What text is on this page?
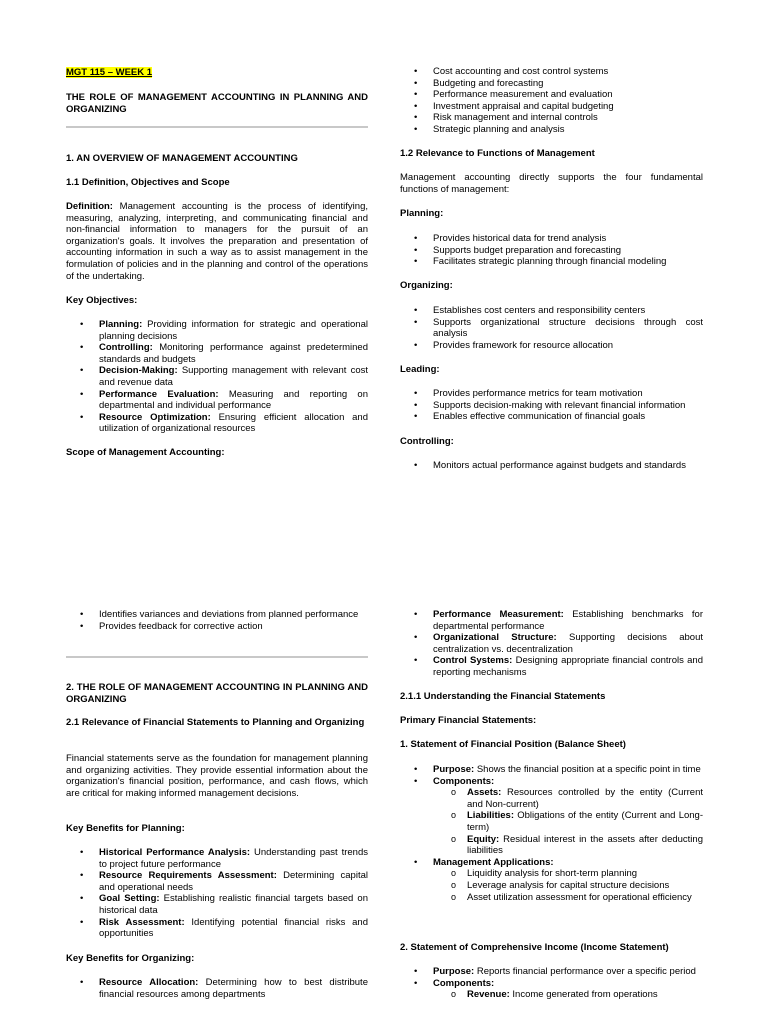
MGT 115 – WEEK 1
THE ROLE OF MANAGEMENT ACCOUNTING IN PLANNING AND ORGANIZING
1. AN OVERVIEW OF MANAGEMENT ACCOUNTING
1.1 Definition, Objectives and Scope
Definition: Management accounting is the process of identifying, measuring, analyzing, interpreting, and communicating financial and non-financial information to managers for the pursuit of an organization's goals. It involves the preparation and presentation of accounting information in such a way as to assist management in the formulation of policies and in the planning and control of the operations of the undertaking.
Key Objectives:
• Planning: Providing information for strategic and operational planning decisions
• Controlling: Monitoring performance against predetermined standards and budgets
• Decision-Making: Supporting management with relevant cost and revenue data
• Performance Evaluation: Measuring and reporting on departmental and individual performance
• Resource Optimization: Ensuring efficient allocation and utilization of organizational resources
Scope of Management Accounting:
• Cost accounting and cost control systems
• Budgeting and forecasting
• Performance measurement and evaluation
• Investment appraisal and capital budgeting
• Risk management and internal controls
• Strategic planning and analysis
1.2 Relevance to Functions of Management
Management accounting directly supports the four fundamental functions of management:
Planning:
• Provides historical data for trend analysis
• Supports budget preparation and forecasting
• Facilitates strategic planning through financial modeling
Organizing:
• Establishes cost centers and responsibility centers
• Supports organizational structure decisions through cost analysis
• Provides framework for resource allocation
Leading:
• Provides performance metrics for team motivation
• Supports decision-making with relevant financial information
• Enables effective communication of financial goals
Controlling:
• Monitors actual performance against budgets and standards
• Identifies variances and deviations from planned performance
• Provides feedback for corrective action
2. THE ROLE OF MANAGEMENT ACCOUNTING IN PLANNING AND ORGANIZING
2.1 Relevance of Financial Statements to Planning and Organizing
Financial statements serve as the foundation for management planning and organizing activities. They provide essential information about the organization's financial position, performance, and cash flows, which are critical for making informed management decisions.
Key Benefits for Planning:
• Historical Performance Analysis: Understanding past trends to project future performance
• Resource Requirements Assessment: Determining capital and operational needs
• Goal Setting: Establishing realistic financial targets based on historical data
• Risk Assessment: Identifying potential financial risks and opportunities
Key Benefits for Organizing:
• Resource Allocation: Determining how to best distribute financial resources among departments
• Performance Measurement: Establishing benchmarks for departmental performance
• Organizational Structure: Supporting decisions about centralization vs. decentralization
• Control Systems: Designing appropriate financial controls and reporting mechanisms
2.1.1 Understanding the Financial Statements
Primary Financial Statements:
1. Statement of Financial Position (Balance Sheet)
• Purpose: Shows the financial position at a specific point in time
• Components:
o Assets: Resources controlled by the entity (Current and Non-current)
o Liabilities: Obligations of the entity (Current and Long-term)
o Equity: Residual interest in the assets after deducting liabilities
• Management Applications:
o Liquidity analysis for short-term planning
o Leverage analysis for capital structure decisions
o Asset utilization assessment for operational efficiency
2. Statement of Comprehensive Income (Income Statement)
• Purpose: Reports financial performance over a specific period
• Components:
o Revenue: Income generated from operations
